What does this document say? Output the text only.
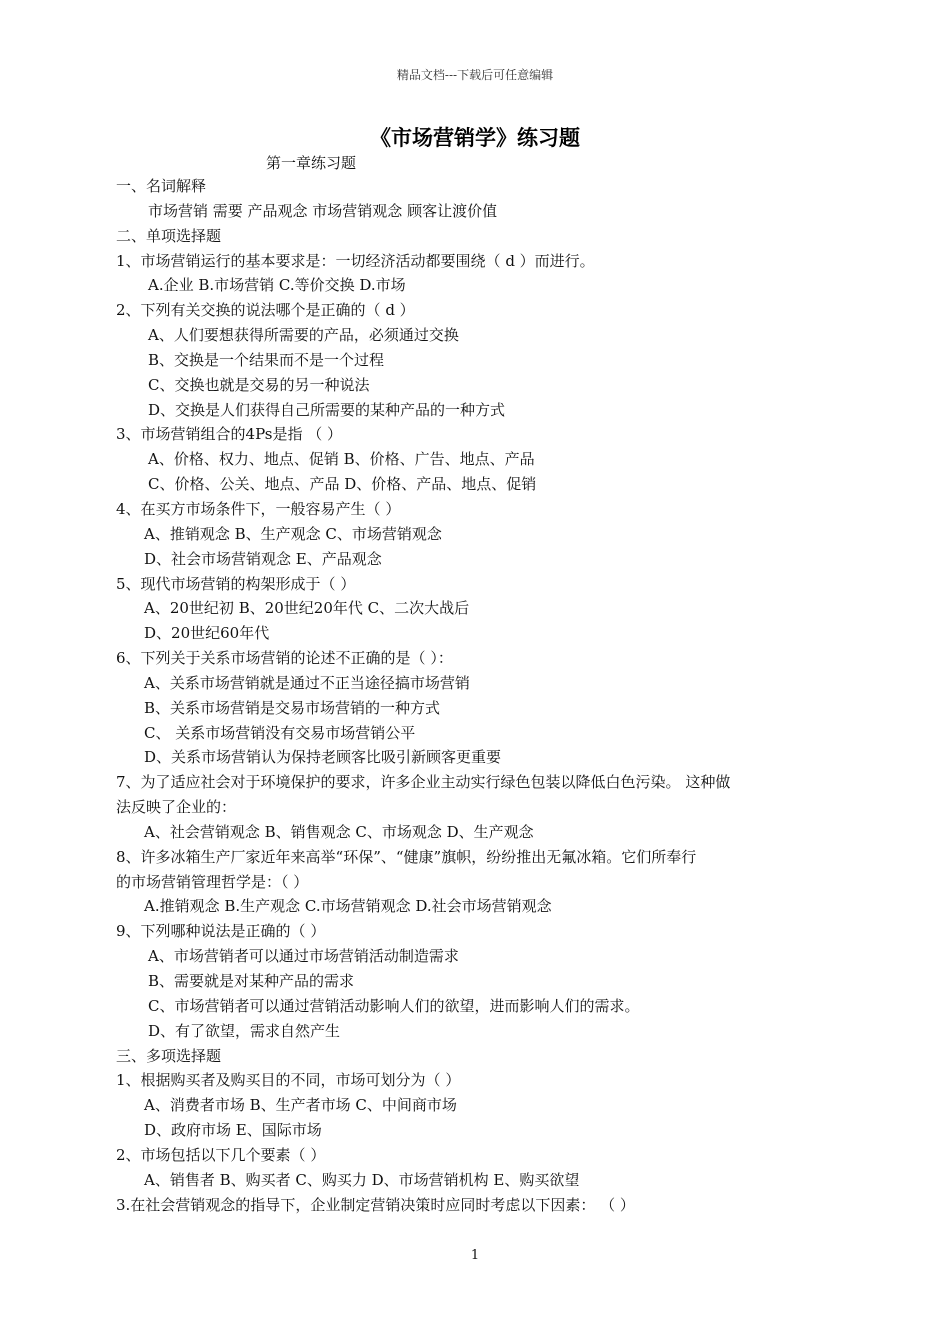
精品文档---下载后可任意编辑
《市场营销学》练习题
第一章练习题
一、名词解释
市场营销 需要 产品观念 市场营销观念 顾客让渡价值
二、单项选择题
1、市场营销运行的基本要求是：一切经济活动都要围绕（ d ）而进行。
A.企业 B.市场营销 C.等价交换 D.市场
2、下列有关交换的说法哪个是正确的（ d ）
A、人们要想获得所需要的产品，必须通过交换
B、交换是一个结果而不是一个过程
C、交换也就是交易的另一种说法
D、交换是人们获得自己所需要的某种产品的一种方式
3、市场营销组合的4Ps是指 （ ）
A、价格、权力、地点、促销 B、价格、广告、地点、产品
C、价格、公关、地点、产品 D、价格、产品、地点、促销
4、在买方市场条件下，一般容易产生（ ）
A、推销观念 B、生产观念 C、市场营销观念
D、社会市场营销观念 E、产品观念
5、现代市场营销的构架形成于（ ）
A、20世纪初 B、20世纪20年代 C、二次大战后
D、20世纪60年代
6、下列关于关系市场营销的论述不正确的是（ ）：
A、关系市场营销就是通过不正当途径搞市场营销
B、关系市场营销是交易市场营销的一种方式
C、 关系市场营销没有交易市场营销公平
D、关系市场营销认为保持老顾客比吸引新顾客更重要
7、为了适应社会对于环境保护的要求，许多企业主动实行绿色包装以降低白色污染。 这种做
法反映了企业的：
A、社会营销观念 B、销售观念 C、市场观念 D、生产观念
8、许多冰箱生产厂家近年来高举“环保”、“健康”旗帜，纷纷推出无氟冰箱。它们所奉行
的市场营销管理哲学是：（ ）
A.推销观念 B.生产观念 C.市场营销观念 D.社会市场营销观念
9、下列哪种说法是正确的（ ）
A、市场营销者可以通过市场营销活动制造需求
B、需要就是对某种产品的需求
C、市场营销者可以通过营销活动影响人们的欲望，进而影响人们的需求。
D、有了欲望，需求自然产生
三、多项选择题
1、根据购买者及购买目的不同，市场可划分为（ ）
A、消费者市场 B、生产者市场 C、中间商市场
D、政府市场 E、国际市场
2、市场包括以下几个要素（ ）
A、销售者 B、购买者 C、购买力 D、市场营销机构 E、购买欲望
3.在社会营销观念的指导下，企业制定营销决策时应同时考虑以下因素： （ ）
1
